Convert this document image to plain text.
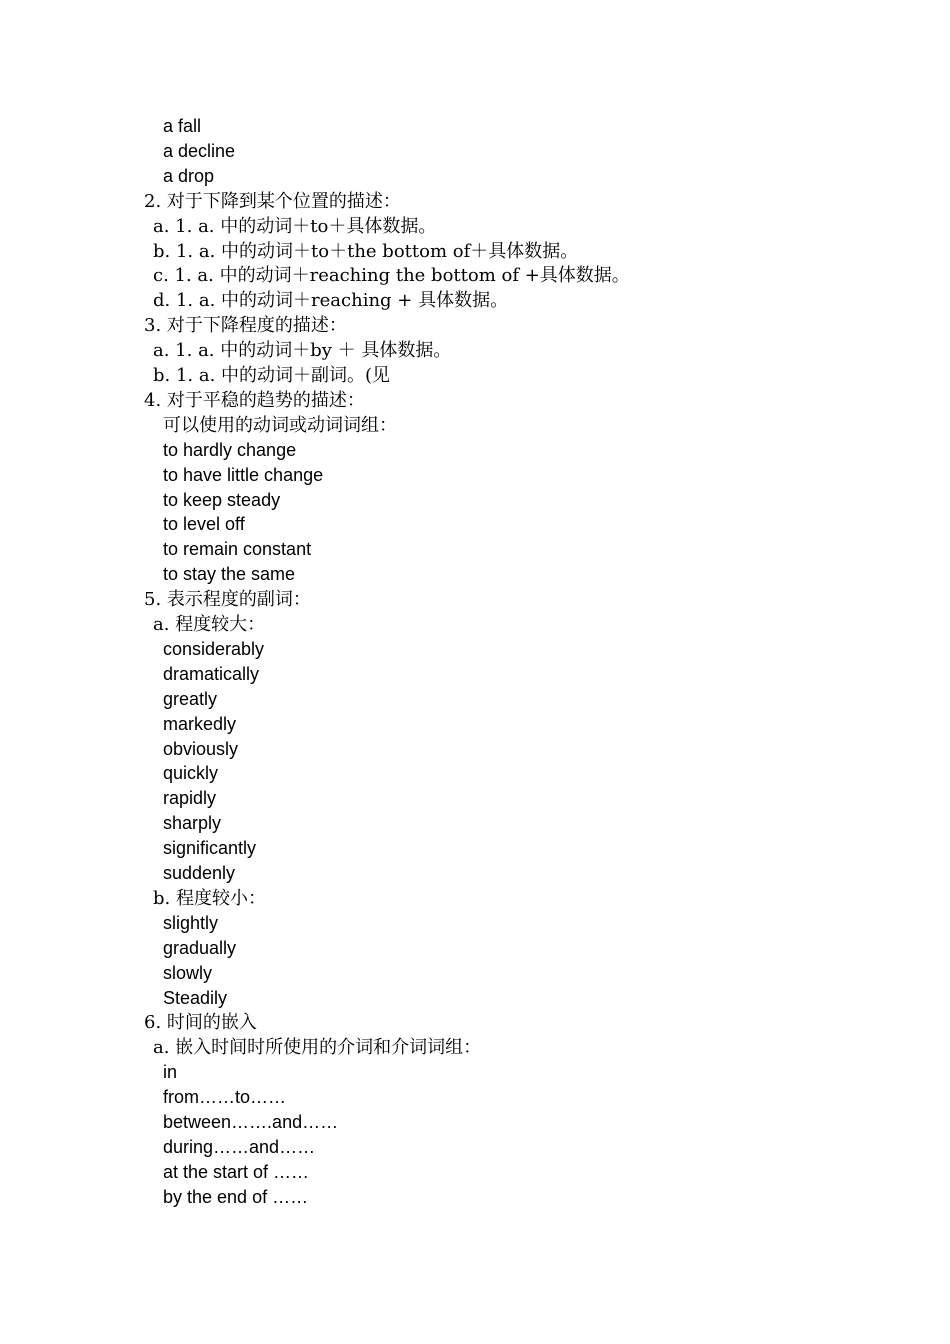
a fall
a decline
a drop
2. 对于下降到某个位置的描述：
a. 1. a. 中的动词＋to＋具体数据。
b. 1. a. 中的动词＋to＋the bottom of＋具体数据。
c. 1. a. 中的动词＋reaching the bottom of +具体数据。
d. 1. a. 中的动词＋reaching + 具体数据。
3. 对于下降程度的描述：
a. 1. a. 中的动词＋by ＋ 具体数据。
b. 1. a. 中的动词＋副词。(见
4. 对于平稳的趋势的描述：
可以使用的动词或动词词组：
to hardly change
to have little change
to keep steady
to level off
to remain constant
to stay the same
5. 表示程度的副词：
a. 程度较大：
considerably
dramatically
greatly
markedly
obviously
quickly
rapidly
sharply
significantly
suddenly
b. 程度较小：
slightly
gradually
slowly
Steadily
6. 时间的嵌入
a. 嵌入时间时所使用的介词和介词词组：
in
from……to……
between…….and……
during……and……
at the start of ……
by the end of ……
